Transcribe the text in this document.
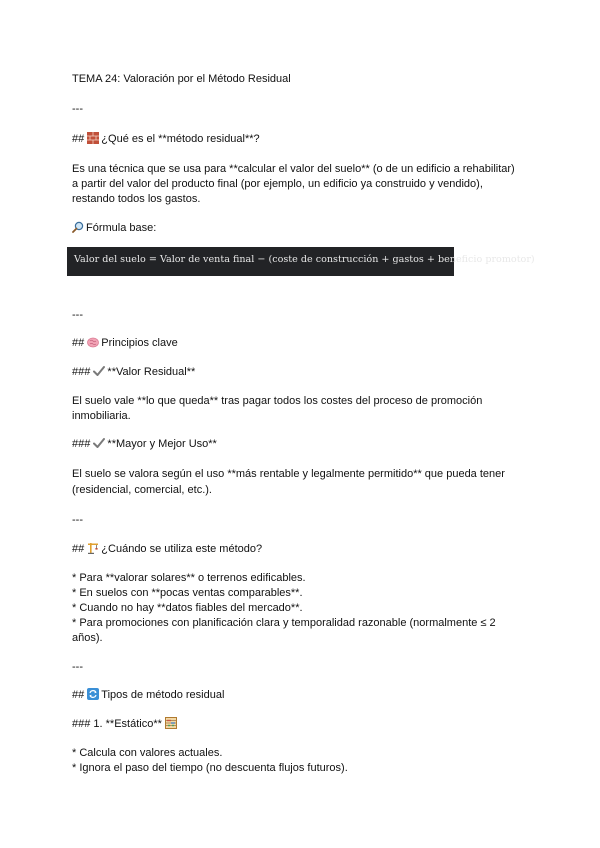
TEMA 24: Valoración por el Método Residual
---
## ¿Qué es el **método residual**?
Es una técnica que se usa para **calcular el valor del suelo** (o de un edificio a rehabilitar)
a partir del valor del producto final (por ejemplo, un edificio ya construido y vendido),
restando todos los gastos.
Fórmula base:
Valor del suelo = Valor de venta final − (coste de construcción + gastos + beneficio promotor)
---
## Principios clave
### **Valor Residual**
El suelo vale **lo que queda** tras pagar todos los costes del proceso de promoción
inmobiliaria.
### **Mayor y Mejor Uso**
El suelo se valora según el uso **más rentable y legalmente permitido** que pueda tener
(residencial, comercial, etc.).
---
## ¿Cuándo se utiliza este método?
* Para **valorar solares** o terrenos edificables.
* En suelos con **pocas ventas comparables**.
* Cuando no hay **datos fiables del mercado**.
* Para promociones con planificación clara y temporalidad razonable (normalmente ≤ 2
años).
---
## Tipos de método residual
### 1. **Estático**
* Calcula con valores actuales.
* Ignora el paso del tiempo (no descuenta flujos futuros).
